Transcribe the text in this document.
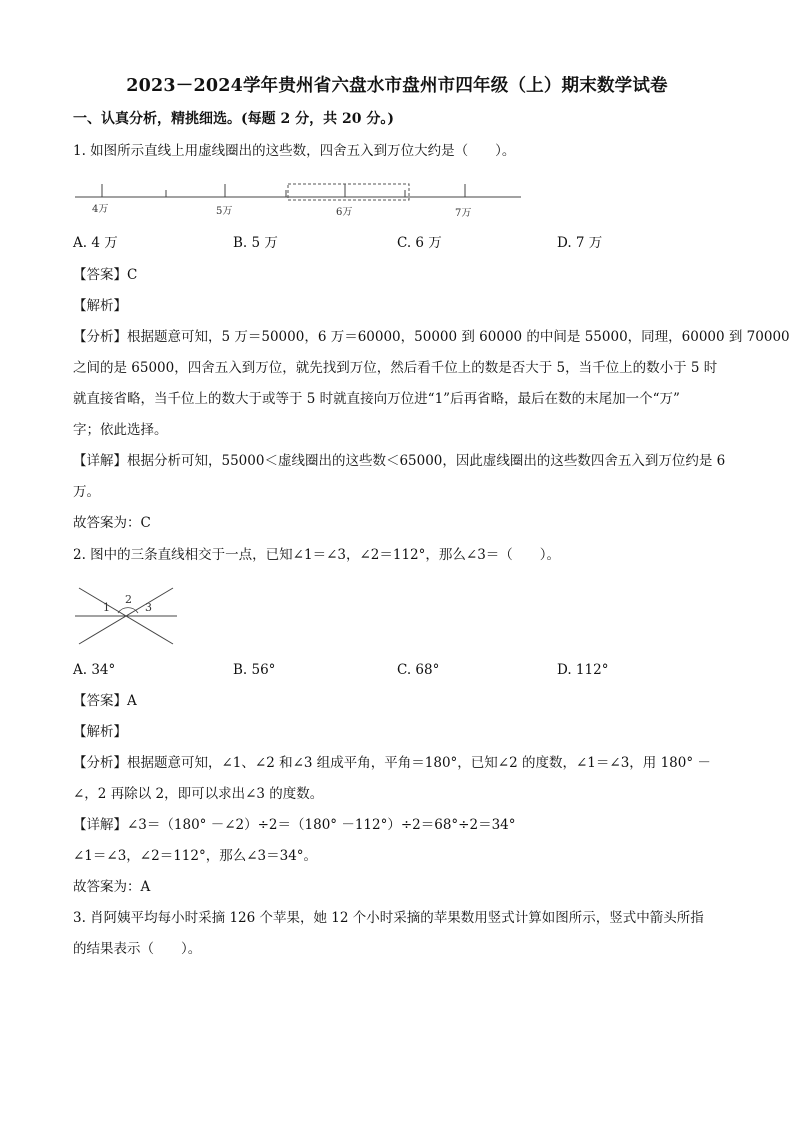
2023－2024学年贵州省六盘水市盘州市四年级（上）期末数学试卷
一、认真分析，精挑细选。(每题 2 分，共 20 分。)
1. 如图所示直线上用虚线圈出的这些数，四舍五入到万位大约是（　　）。
4万	5万	6万	7万
A. 4 万	B. 5 万	C. 6 万	D. 7 万
【答案】C
【解析】
【分析】根据题意可知，5 万＝50000，6 万＝60000，50000 到 60000 的中间是 55000，同理，60000 到 70000
之间的是 65000，四舍五入到万位，就先找到万位，然后看千位上的数是否大于 5，当千位上的数小于 5 时
就直接省略，当千位上的数大于或等于 5 时就直接向万位进“1”后再省略，最后在数的末尾加一个“万”
字；依此选择。
【详解】根据分析可知，55000＜虚线圈出的这些数＜65000，因此虚线圈出的这些数四舍五入到万位约是 6
万。
故答案为：C
2. 图中的三条直线相交于一点，已知∠1＝∠3，∠2＝112°，那么∠3＝（　　）。
1
2
3
A. 34°	B. 56°	C. 68°	D. 112°
【答案】A
【解析】
【分析】根据题意可知，∠1、∠2 和∠3 组成平角，平角＝180°，已知∠2 的度数，∠1＝∠3，用 180° －
∠，2 再除以 2，即可以求出∠3 的度数。
【详解】∠3＝（180° －∠2）÷2＝（180° －112°）÷2＝68°÷2＝34°
∠1＝∠3，∠2＝112°，那么∠3＝34°。
故答案为：A
3. 肖阿姨平均每小时采摘 126 个苹果，她 12 个小时采摘的苹果数用竖式计算如图所示，竖式中箭头所指
的结果表示（　　）。
